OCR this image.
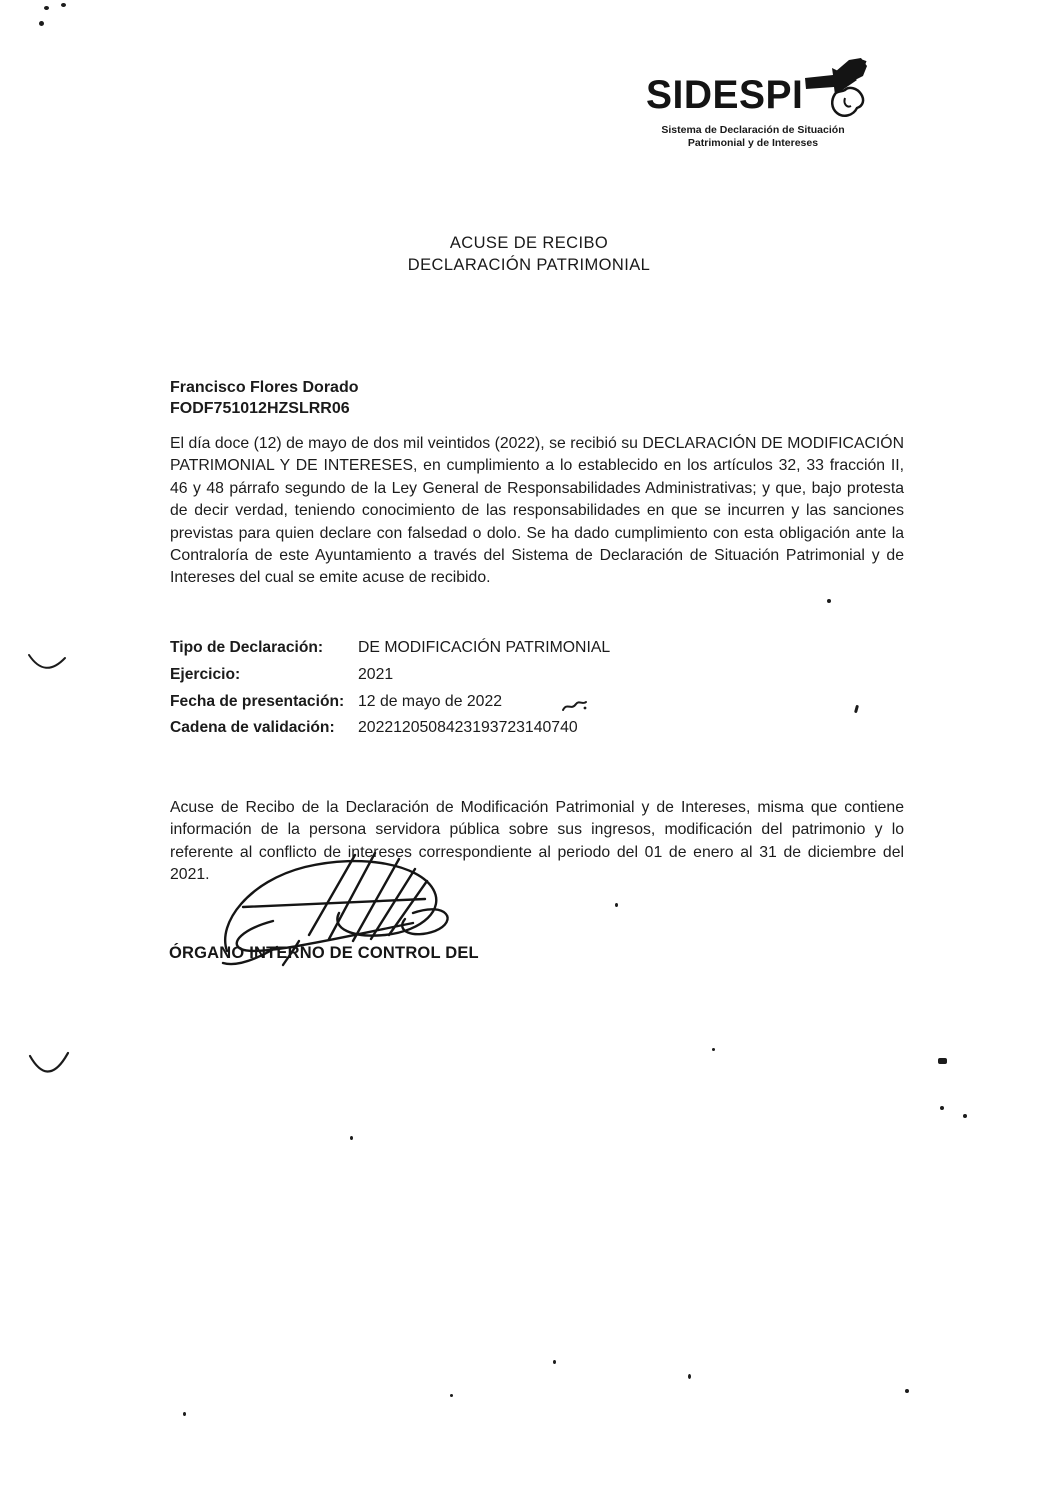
SIDESPI
Sistema de Declaración de Situación
Patrimonial y de Intereses
ACUSE DE RECIBO
DECLARACIÓN PATRIMONIAL
Francisco Flores Dorado
FODF751012HZSLRR06
El día doce (12) de mayo de dos mil veintidos (2022), se recibió su DECLARACIÓN DE MODIFICACIÓN PATRIMONIAL Y DE INTERESES, en cumplimiento a lo establecido en los artículos 32, 33 fracción II, 46 y 48 párrafo segundo de la Ley General de Responsabilidades Administrativas; y que, bajo protesta de decir verdad, teniendo conocimiento de las responsabilidades en que se incurren y las sanciones previstas para quien declare con falsedad o dolo. Se ha dado cumplimiento con esta obligación ante la Contraloría de este Ayuntamiento a través del Sistema de Declaración de Situación Patrimonial y de Intereses del cual se emite acuse de recibido.
Tipo de Declaración:	DE MODIFICACIÓN PATRIMONIAL
Ejercicio:	2021
Fecha de presentación: 12 de mayo de 2022
Cadena de validación:	2022120508423193723140740
Acuse de Recibo de la Declaración de Modificación Patrimonial y de Intereses, misma que contiene información de la persona servidora pública sobre sus ingresos, modificación del patrimonio y lo referente al conflicto de intereses correspondiente al periodo del 01 de enero al 31 de diciembre del 2021.
ÓRGANO INTERNO DE CONTROL DEL
